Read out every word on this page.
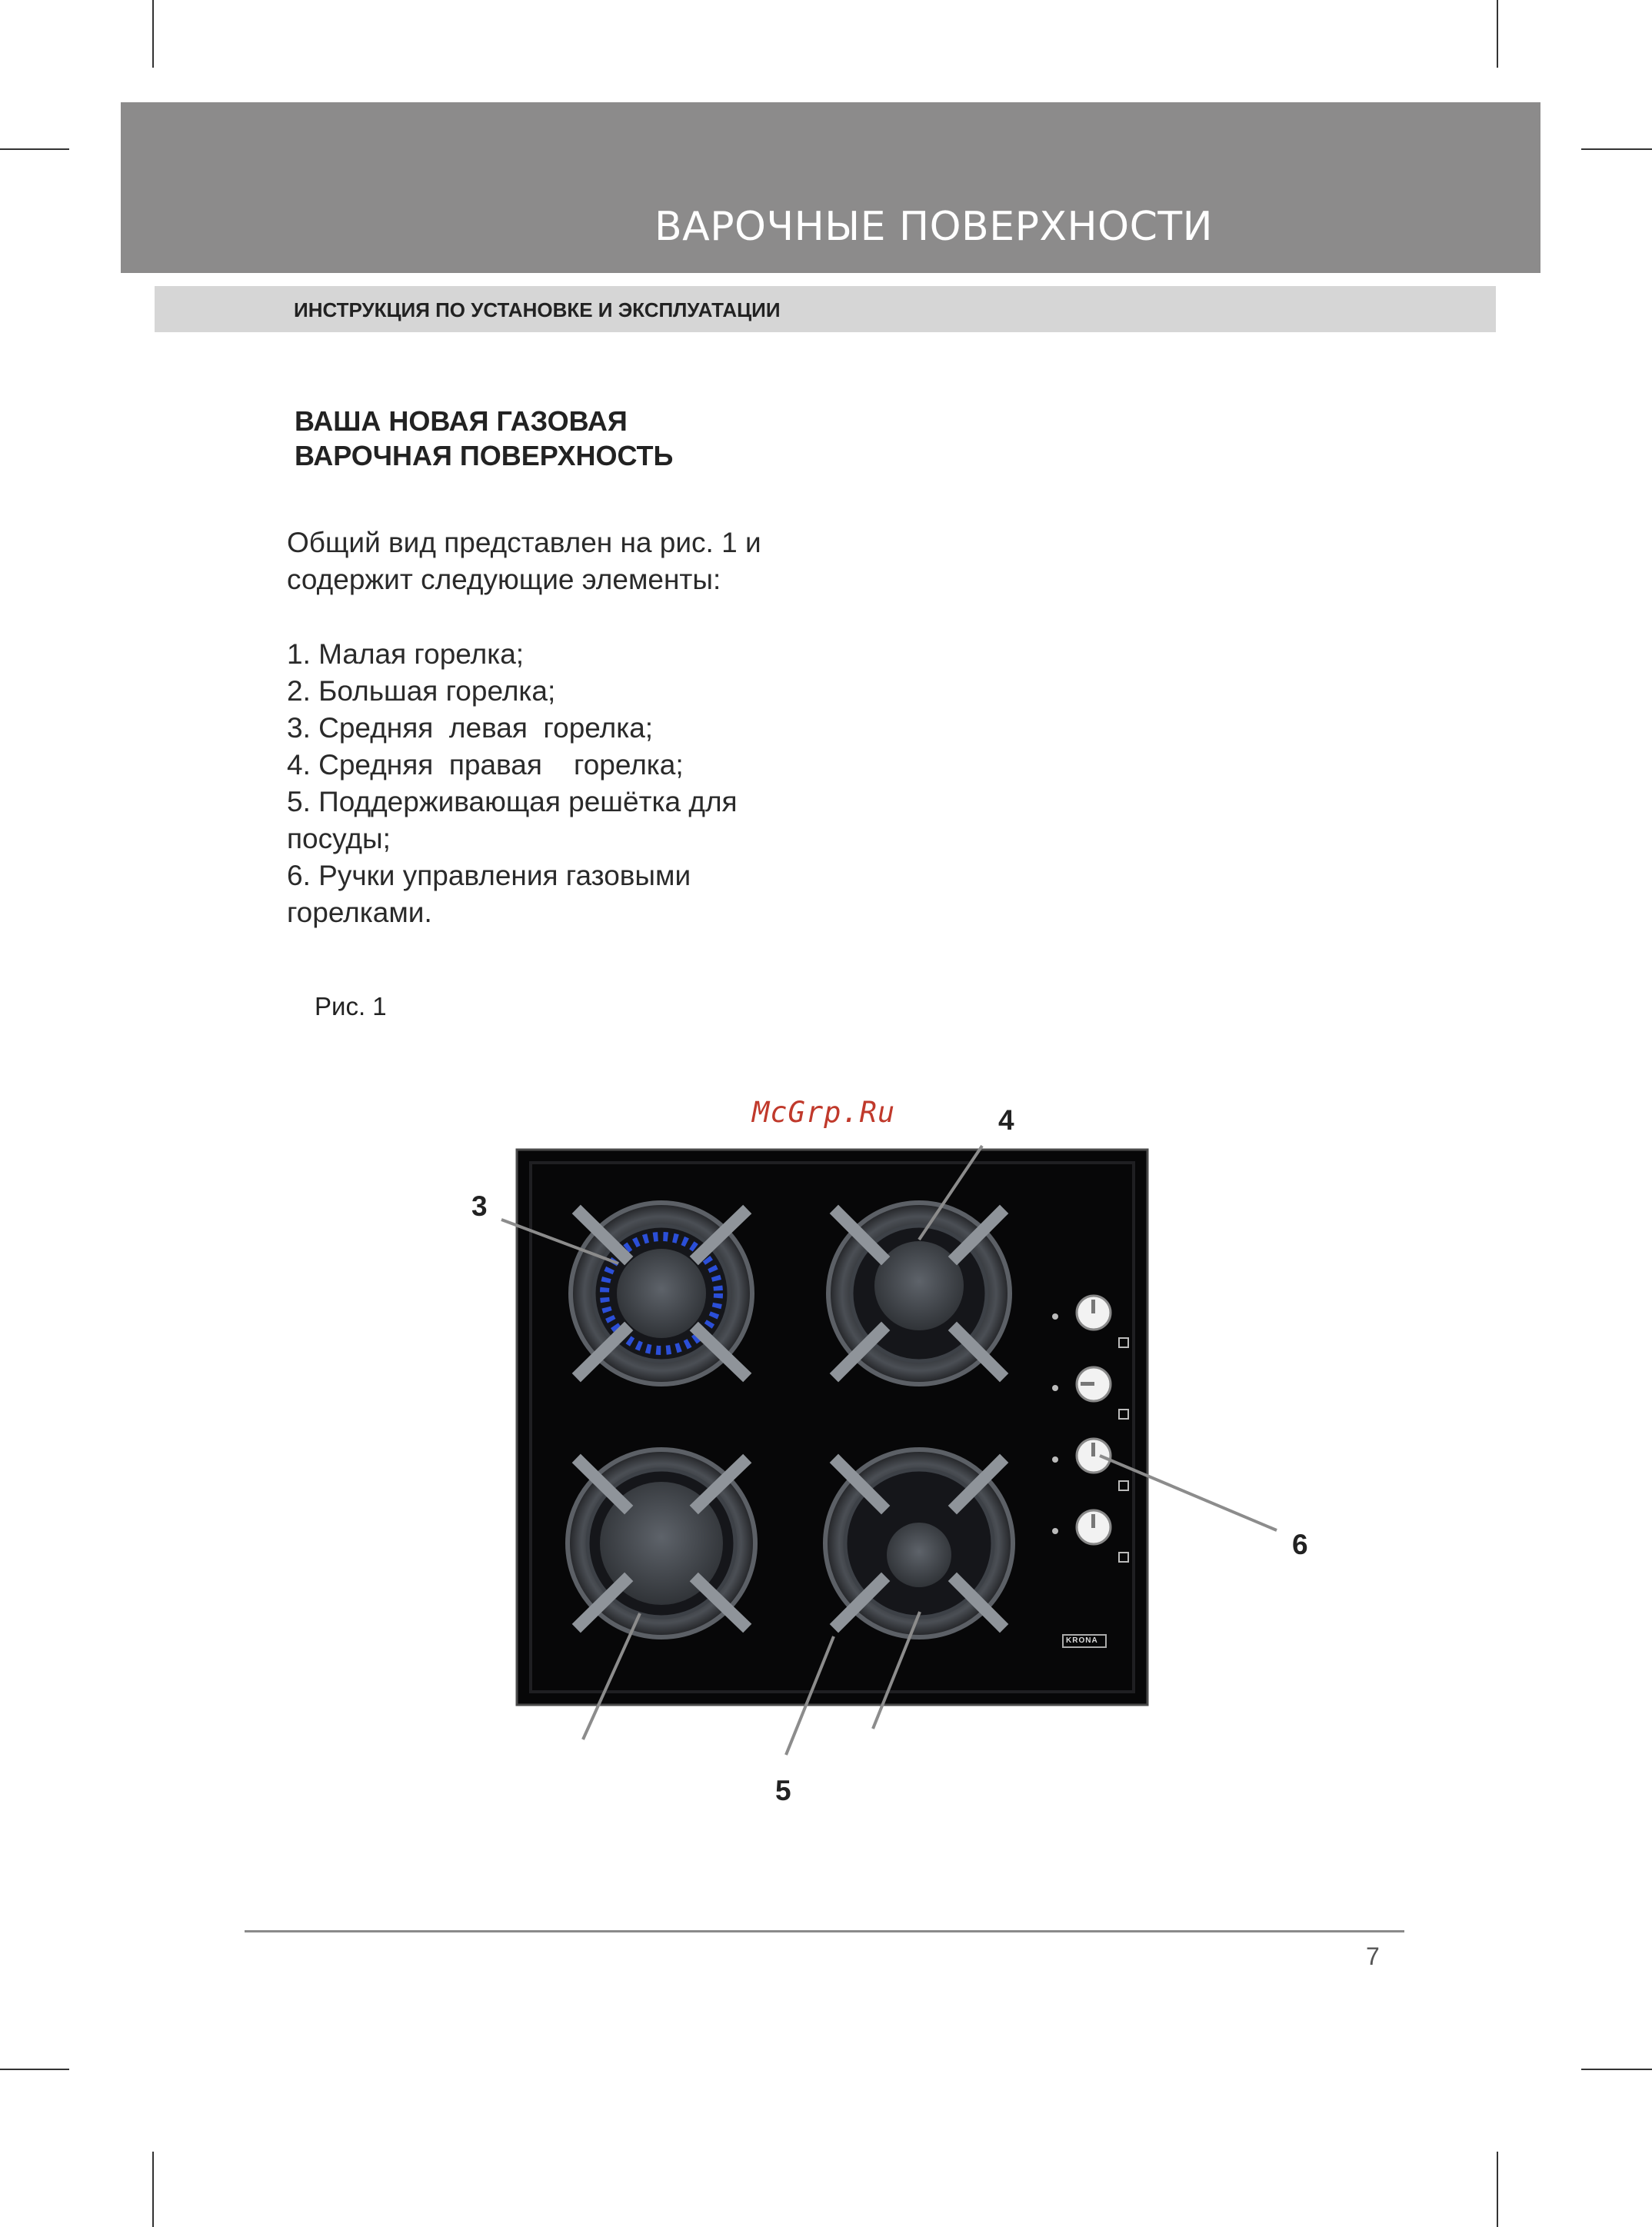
ВАРОЧНЫЕ ПОВЕРХНОСТИ
ИНСТРУКЦИЯ ПО УСТАНОВКЕ И ЭКСПЛУАТАЦИИ
ВАША НОВАЯ ГАЗОВАЯ
ВАРОЧНАЯ ПОВЕРХНОСТЬ
Общий вид представлен на рис. 1 и
содержит следующие элементы:
1. Малая горелка;
2. Большая горелка;
3. Средняя  левая  горелка;
4. Средняя  правая    горелка;
5. Поддерживающая решётка для
посуды;
6. Ручки управления газовыми
горелками.
Рис. 1
McGrp.Ru
3
4
6
5
KRONA
7
